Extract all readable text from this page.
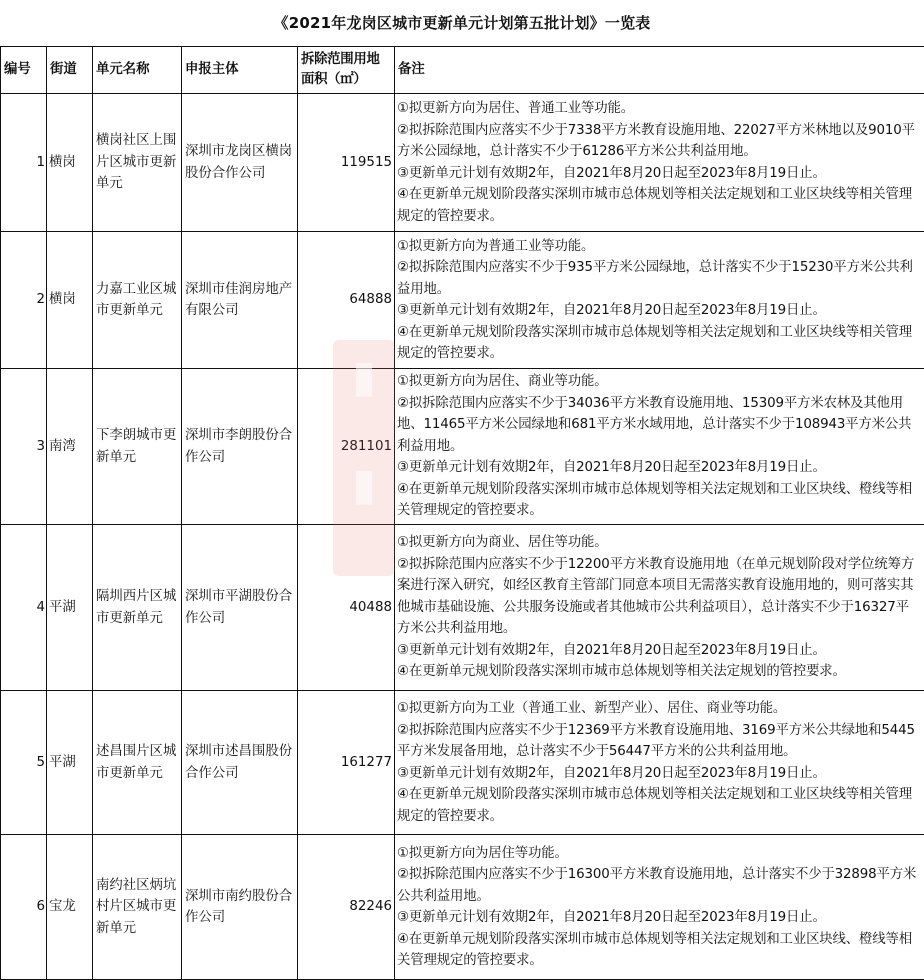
《2021年龙岗区城市更新单元计划第五批计划》一览表
编号	街道	单元名称	申报主体	拆除范围用地面积（㎡）	备注
1	横岗	横岗社区上围片区城市更新单元	深圳市龙岗区横岗股份合作公司	119515	①拟更新方向为居住、普通工业等功能。
②拟拆除范围内应落实不少于7338平方米教育设施用地、22027平方米林地以及9010平方米公园绿地，总计落实不少于61286平方米公共利益用地。
③更新单元计划有效期2年，自2021年8月20日起至2023年8月19日止。
④在更新单元规划阶段落实深圳市城市总体规划等相关法定规划和工业区块线等相关管理规定的管控要求。

2	横岗	力嘉工业区城市更新单元	深圳市佳润房地产有限公司	64888	①拟更新方向为普通工业等功能。
②拟拆除范围内应落实不少于935平方米公园绿地，总计落实不少于15230平方米公共利益用地。
③更新单元计划有效期2年，自2021年8月20日起至2023年8月19日止。
④在更新单元规划阶段落实深圳市城市总体规划等相关法定规划和工业区块线等相关管理规定的管控要求。

3	南湾	下李朗城市更新单元	深圳市李朗股份合作公司	281101	①拟更新方向为居住、商业等功能。
②拟拆除范围内应落实不少于34036平方米教育设施用地、15309平方米农林及其他用地、11465平方米公园绿地和681平方米水域用地，总计落实不少于108943平方米公共利益用地。
③更新单元计划有效期2年，自2021年8月20日起至2023年8月19日止。
④在更新单元规划阶段落实深圳市城市总体规划等相关法定规划和工业区块线、橙线等相关管理规定的管控要求。

4	平湖	隔圳西片区城市更新单元	深圳市平湖股份合作公司	40488	①拟更新方向为商业、居住等功能。
②拟拆除范围内应落实不少于12200平方米教育设施用地（在单元规划阶段对学位统筹方案进行深入研究，如经区教育主管部门同意本项目无需落实教育设施用地的，则可落实其他城市基础设施、公共服务设施或者其他城市公共利益项目），总计落实不少于16327平方米公共利益用地。
③更新单元计划有效期2年，自2021年8月20日起至2023年8月19日止。
④在更新单元规划阶段落实深圳市城市总体规划等相关法定规划的管控要求。

5	平湖	述昌围片区城市更新单元	深圳市述昌围股份合作公司	161277	①拟更新方向为工业（普通工业、新型产业）、居住、商业等功能。
②拟拆除范围内应落实不少于12369平方米教育设施用地、3169平方米公共绿地和5445平方米发展备用地，总计落实不少于56447平方米的公共利益用地。
③更新单元计划有效期2年，自2021年8月20日起至2023年8月19日止。
④在更新单元规划阶段落实深圳市城市总体规划等相关法定规划和工业区块线等相关管理规定的管控要求。

6	宝龙	南约社区炳坑村片区城市更新单元	深圳市南约股份合作公司	82246	①拟更新方向为居住等功能。
②拟拆除范围内应落实不少于16300平方米教育设施用地，总计落实不少于32898平方米公共利益用地。
③更新单元计划有效期2年，自2021年8月20日起至2023年8月19日止。
④在更新单元规划阶段落实深圳市城市总体规划等相关法定规划和工业区块线、橙线等相关管理规定的管控要求。
▮
▮
